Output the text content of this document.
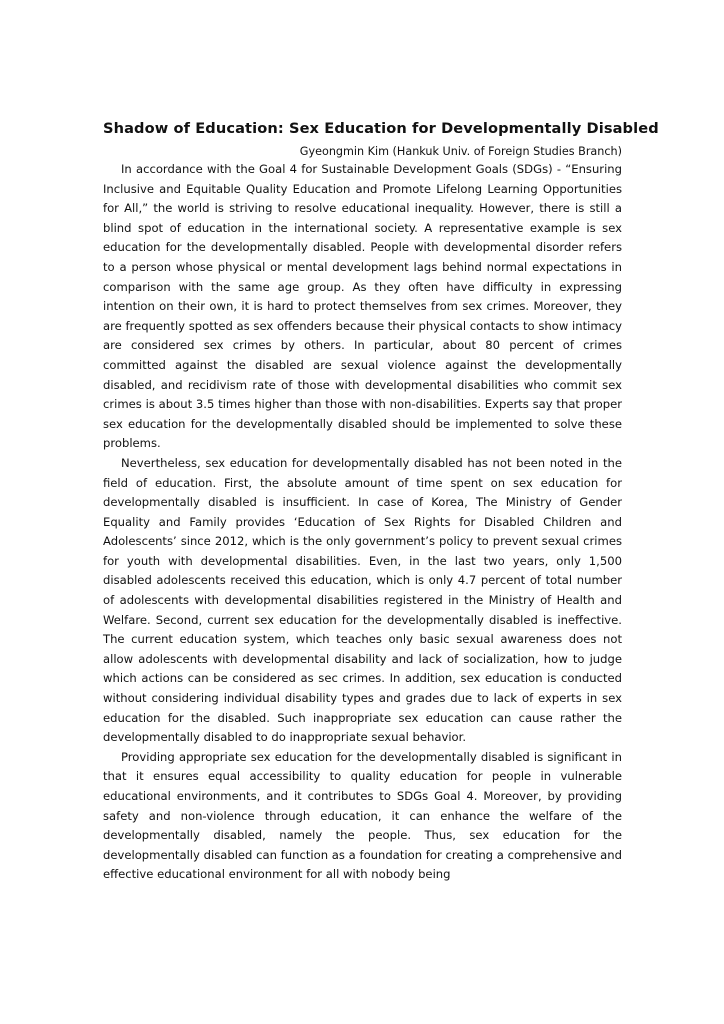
Shadow of Education: Sex Education for Developmentally Disabled

Gyeongmin Kim (Hankuk Univ. of Foreign Studies Branch)

In accordance with the Goal 4 for Sustainable Development Goals (SDGs) - “Ensuring Inclusive and Equitable Quality Education and Promote Lifelong Learning Opportunities for All,” the world is striving to resolve educational inequality. However, there is still a blind spot of education in the international society. A representative example is sex education for the developmentally disabled. People with developmental disorder refers to a person whose physical or mental development lags behind normal expectations in comparison with the same age group. As they often have difficulty in expressing intention on their own, it is hard to protect themselves from sex crimes. Moreover, they are frequently spotted as sex offenders because their physical contacts to show intimacy are considered sex crimes by others. In particular, about 80 percent of crimes committed against the disabled are sexual violence against the developmentally disabled, and recidivism rate of those with developmental disabilities who commit sex crimes is about 3.5 times higher than those with non-disabilities. Experts say that proper sex education for the developmentally disabled should be implemented to solve these problems.

Nevertheless, sex education for developmentally disabled has not been noted in the field of education. First, the absolute amount of time spent on sex education for developmentally disabled is insufficient. In case of Korea, The Ministry of Gender Equality and Family provides ‘Education of Sex Rights for Disabled Children and Adolescents’ since 2012, which is the only government’s policy to prevent sexual crimes for youth with developmental disabilities. Even, in the last two years, only 1,500 disabled adolescents received this education, which is only 4.7 percent of total number of adolescents with developmental disabilities registered in the Ministry of Health and Welfare. Second, current sex education for the developmentally disabled is ineffective. The current education system, which teaches only basic sexual awareness does not allow adolescents with developmental disability and lack of socialization, how to judge which actions can be considered as sec crimes. In addition, sex education is conducted without considering individual disability types and grades due to lack of experts in sex education for the disabled. Such inappropriate sex education can cause rather the developmentally disabled to do inappropriate sexual behavior.

Providing appropriate sex education for the developmentally disabled is significant in that it ensures equal accessibility to quality education for people in vulnerable educational environments, and it contributes to SDGs Goal 4. Moreover, by providing safety and non-violence through education, it can enhance the welfare of the developmentally disabled, namely the people. Thus, sex education for the developmentally disabled can function as a foundation for creating a comprehensive and effective educational environment for all with nobody being
